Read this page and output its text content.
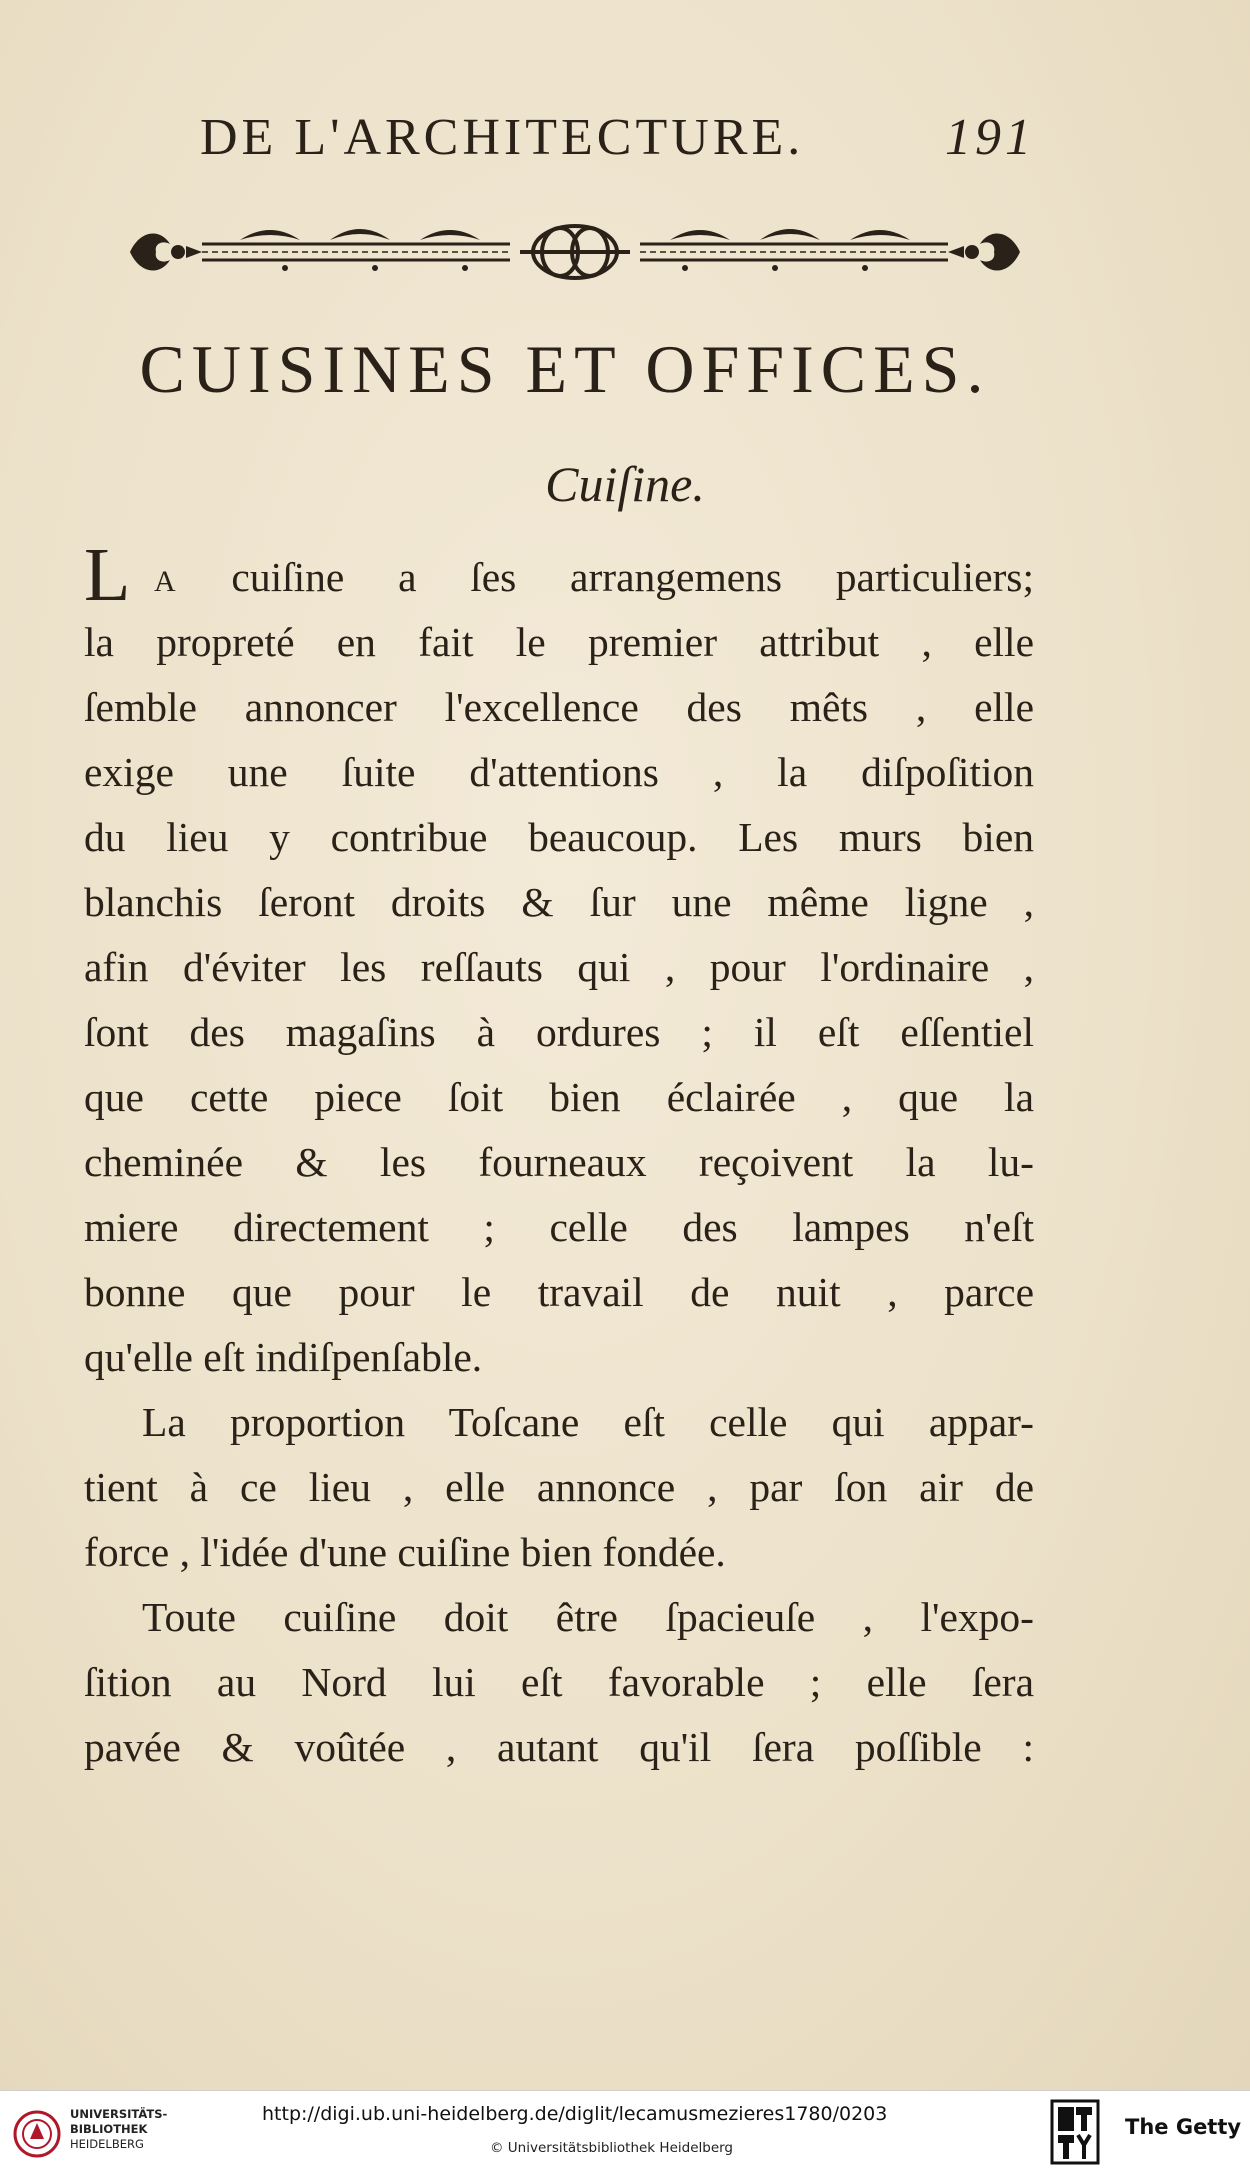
DE L'ARCHITECTURE.	191
CUISINES ET OFFICES.
Cuiſine.
L A cuiſine a ſes arrangemens particuliers;
la propreté en fait le premier attribut , elle
ſemble annoncer l'excellence des mêts , elle
exige une ſuite d'attentions , la diſpoſition
du lieu y contribue beaucoup. Les murs bien
blanchis ſeront droits & ſur une même ligne ,
afin d'éviter les reſſauts qui , pour l'ordinaire ,
ſont des magaſins à ordures ; il eſt eſſentiel
que cette piece ſoit bien éclairée , que la
cheminée & les fourneaux reçoivent la lu-
miere directement ; celle des lampes n'eſt
bonne que pour le travail de nuit , parce
qu'elle eſt indiſpenſable.
La proportion Toſcane eſt celle qui appar-
tient à ce lieu , elle annonce , par ſon air de
force , l'idée d'une cuiſine bien fondée.
Toute cuiſine doit être ſpacieuſe , l'expo-
ſition au Nord lui eſt favorable ; elle ſera
pavée & voûtée , autant qu'il ſera poſſible :
UNIVERSITÄTS-
BIBLIOTHEK
HEIDELBERG
http://digi.ub.uni-heidelberg.de/diglit/lecamusmezieres1780/0203
© Universitätsbibliothek Heidelberg
The Getty
